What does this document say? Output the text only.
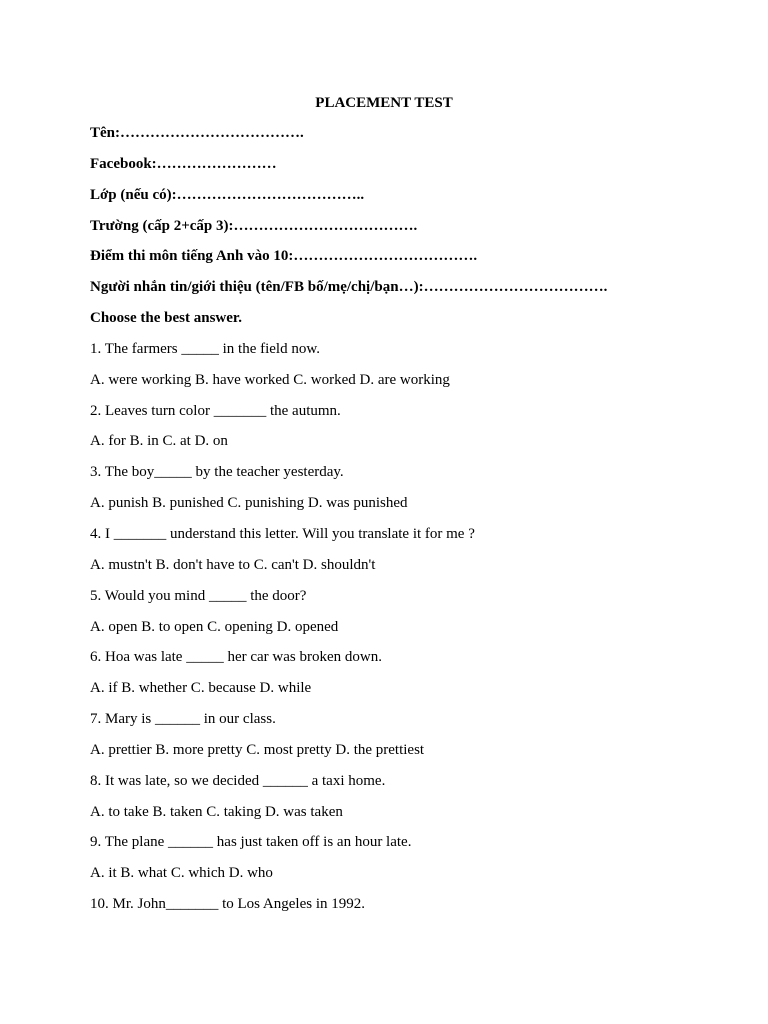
PLACEMENT TEST
Tên:……………………………….
Facebook:……………………
Lớp (nếu có):………………………………..
Trường (cấp 2+cấp 3):……………………………….
Điểm thi môn tiếng Anh vào 10:……………………………….
Người nhắn tin/giới thiệu (tên/FB bố/mẹ/chị/bạn…):……………………………….
Choose the best answer.
1. The farmers _____ in the field now.
A. were working B. have worked C. worked D. are working
2. Leaves turn color _______ the autumn.
A. for B. in C. at D. on
3. The boy_____ by the teacher yesterday.
A. punish B. punished C. punishing D. was punished
4. I _______ understand this letter. Will you translate it for me ?
A. mustn't B. don't have to C. can't D. shouldn't
5. Would you mind _____ the door?
A. open B. to open C. opening D. opened
6. Hoa was late _____ her car was broken down.
A. if B. whether C. because D. while
7. Mary is ______ in our class.
A. prettier B. more pretty C. most pretty D. the prettiest
8. It was late, so we decided ______ a taxi home.
A. to take B. taken C. taking D. was taken
9. The plane ______ has just taken off is an hour late.
A. it B. what C. which D. who
10. Mr. John_______ to Los Angeles in 1992.
